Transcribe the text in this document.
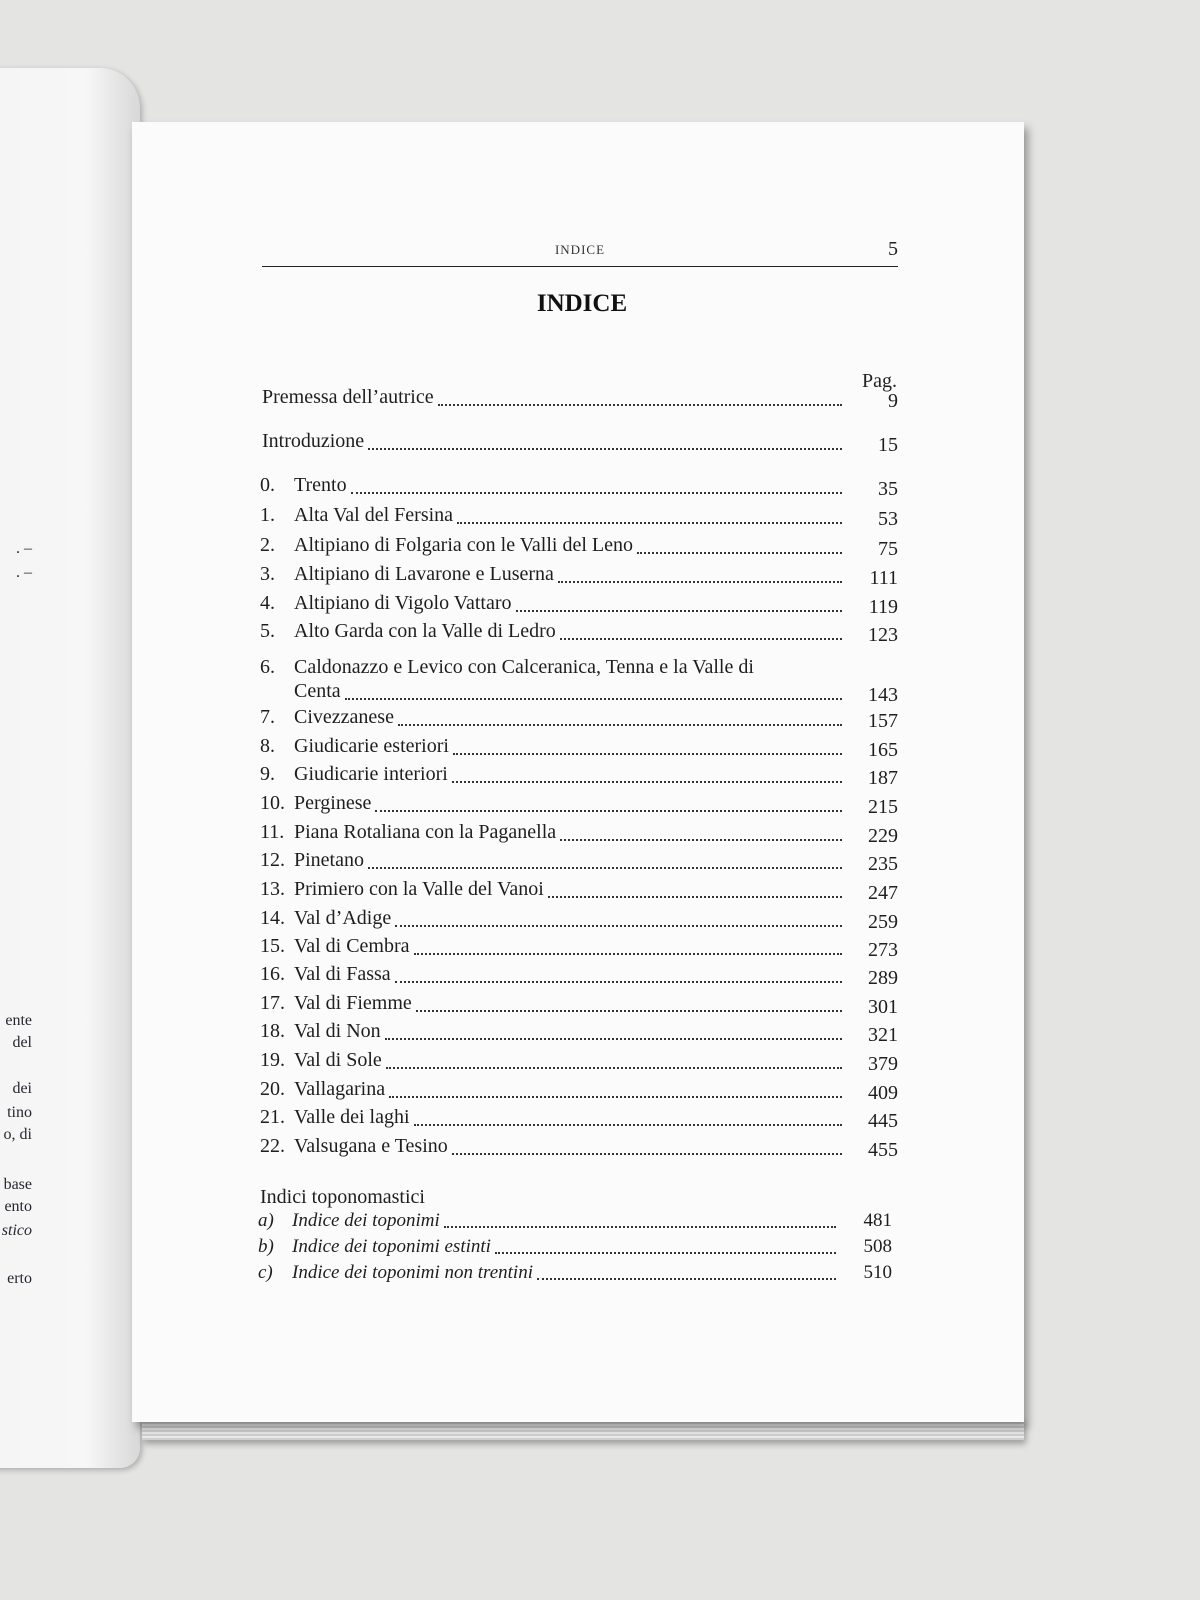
. –
. –
ente
del
dei
tino
o, di
base
ento
stico
erto
INDICE	5
INDICE
Pag.
Premessa dell’autrice	9
Introduzione	15
0. Trento	35
1. Alta Val del Fersina	53
2. Altipiano di Folgaria con le Valli del Leno	75
3. Altipiano di Lavarone e Luserna	111
4. Altipiano di Vigolo Vattaro	119
5. Alto Garda con la Valle di Ledro	123
6. Caldonazzo e Levico con Calceranica, Tenna e la Valle di
Centa	143
7. Civezzanese	157
8. Giudicarie esteriori	165
9. Giudicarie interiori	187
10. Perginese	215
11. Piana Rotaliana con la Paganella	229
12. Pinetano	235
13. Primiero con la Valle del Vanoi	247
14. Val d’Adige	259
15. Val di Cembra	273
16. Val di Fassa	289
17. Val di Fiemme	301
18. Val di Non	321
19. Val di Sole	379
20. Vallagarina	409
21. Valle dei laghi	445
22. Valsugana e Tesino	455
Indici toponomastici
a) Indice dei toponimi	481
b) Indice dei toponimi estinti	508
c) Indice dei toponimi non trentini	510
